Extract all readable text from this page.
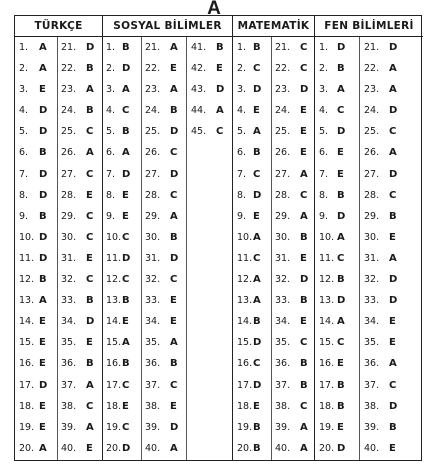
A
TÜRKÇE
1. A 21. D
2. A 22. B
3. E 23. A
4. D 24. B
5. D 25. C
6. B 26. A
7. D 27. C
8. D 28. E
9. B 29. C
10. D 30. C
11. D 31. E
12. B 32. C
13. A 33. B
14. E 34. D
15. E 35. E
16. E 36. B
17. D 37. A
18. E 38. C
19. E 39. A
20. A 40. E
SOSYAL BİLİMLER
1. B 21. A 41. B
2. D 22. E 42. E
3. A 23. A 43. D
4. C 24. B 44. A
5. B 25. D 45. C
6. A 26. C
7. D 27. D
8. E 28. C
9. E 29. A
10. C 30. B
11. D 31. D
12. C 32. C
13. B 33. E
14. E 34. E
15. A 35. A
16. B 36. B
17. C 37. C
18. E 38. E
19. C 39. D
20. D 40. A
MATEMATİK
1. B 21. C
2. C 22. C
3. D 23. D
4. E 24. E
5. A 25. E
6. B 26. E
7. C 27. A
8. D 28. C
9. E 29. A
10. A 30. B
11. C 31. E
12. A 32. D
13. A 33. B
14. B 34. E
15. D 35. C
16. C 36. B
17. D 37. B
18. E 38. C
19. B 39. A
20. B 40. A
FEN BİLİMLERİ
1. D 21. D
2. B 22. A
3. A 23. A
4. C 24. D
5. D 25. C
6. E 26. A
7. E 27. D
8. B 28. C
9. D 29. B
10. A 30. E
11. C 31. A
12. B 32. D
13. D 33. D
14. A 34. E
15. C 35. E
16. E 36. A
17. B 37. C
18. B 38. D
19. E 39. B
20. D 40. E
